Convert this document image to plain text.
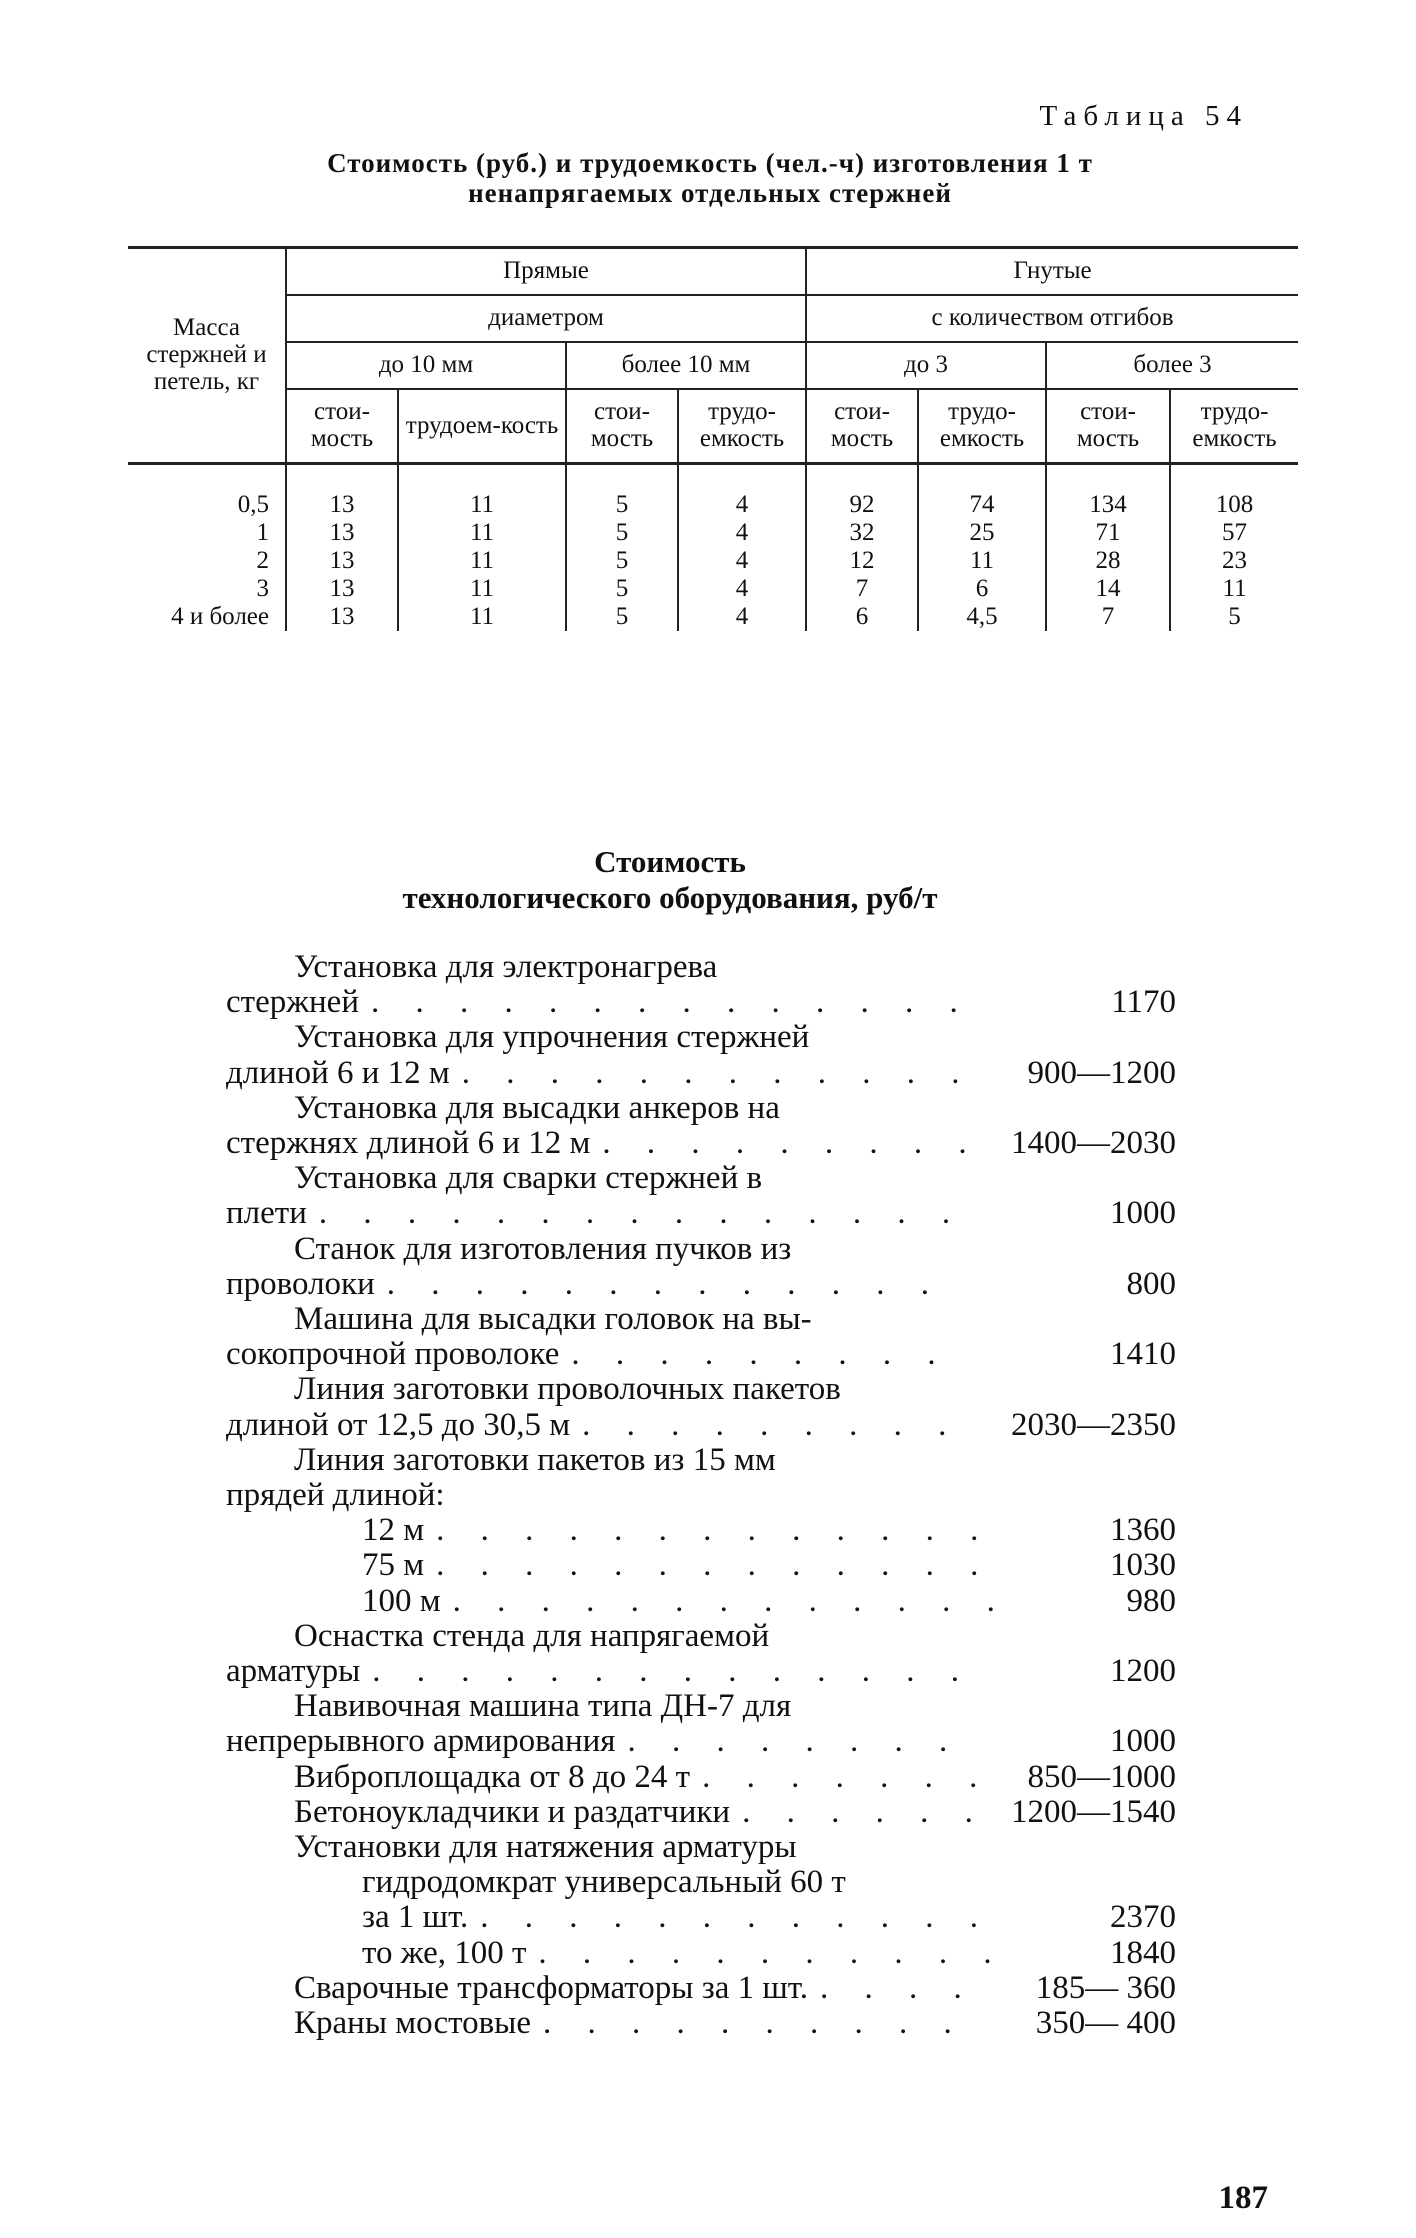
Таблица 54
Стоимость (руб.) и трудоемкость (чел.-ч) изготовления 1 т
ненапрягаемых отдельных стержней
Масса стержней и петель, кг	Прямые				Гнутые			
	диаметром				с количеством отгибов			
	до 10 мм		более 10 мм		до 3		более 3	
	стои-мость	трудоем-кость	стои-мость	трудо-емкость	стои-мость	трудо-емкость	стои-мость	трудо-емкость
0,5	13	11	5	4	92	74	134	108
1	13	11	5	4	32	25	71	57
2	13	11	5	4	12	11	28	23
3	13	11	5	4	7	6	14	11
4 и более	13	11	5	4	6	4,5	7	5
Стоимость
технологического оборудования, руб/т
Установка для электронагрева
стержней . . .	1170
Установка для упрочнения стержней
длиной 6 и 12 м . . .	900—1200
Установка для высадки анкеров на
стержнях длиной 6 и 12 м . . .	1400—2030
Установка для сварки стержней в
плети . . .	1000
Станок для изготовления пучков из
проволоки . . .	800
Машина для высадки головок на вы-
сокопрочной проволоке . . .	1410
Линия заготовки проволочных пакетов
длиной от 12,5 до 30,5 м . . .	2030—2350
Линия заготовки пакетов из 15 мм
прядей длиной:
12 м . . .	1360
75 м . . .	1030
100 м . . .	980
Оснастка стенда для напрягаемой
арматуры . . .	1200
Навивочная машина типа ДН-7 для
непрерывного армирования . . .	1000
Виброплощадка от 8 до 24 т . . .	850—1000
Бетоноукладчики и раздатчики . . .	1200—1540
Установки для натяжения арматуры
гидродомкрат универсальный 60 т
за 1 шт. . . .	2370
то же, 100 т . . .	1840
Сварочные трансформаторы за 1 шт. . . .	185— 360
Краны мостовые . . .	350— 400
187
